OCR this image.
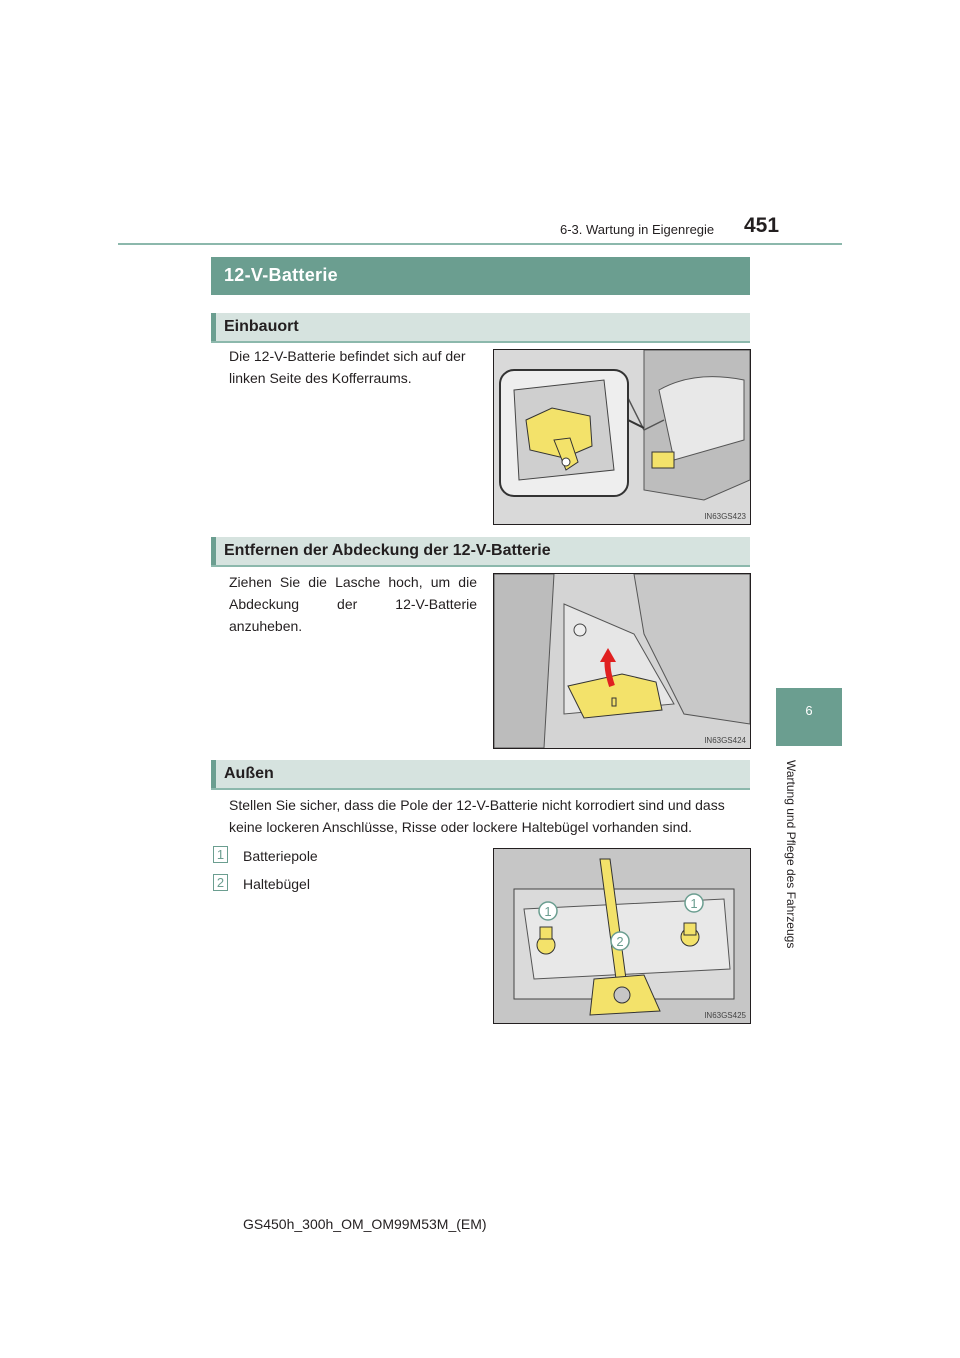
6-3. Wartung in Eigenregie 451
6
Wartung und Pflege des Fahrzeugs
12-V-Batterie
Einbauort
Die 12-V-Batterie befindet sich auf der linken Seite des Kofferraums.
IN63GS423
Entfernen der Abdeckung der 12-V-Batterie
Ziehen Sie die Lasche hoch, um die Abdeckung der 12-V-Batterie anzuheben.
IN63GS424
Außen
Stellen Sie sicher, dass die Pole der 12-V-Batterie nicht korrodiert sind und dass keine lockeren Anschlüsse, Risse oder lockere Haltebügel vorhanden sind.
1 Batteriepole
2 Haltebügel
1
1
2
IN63GS425
GS450h_300h_OM_OM99M53M_(EM)
